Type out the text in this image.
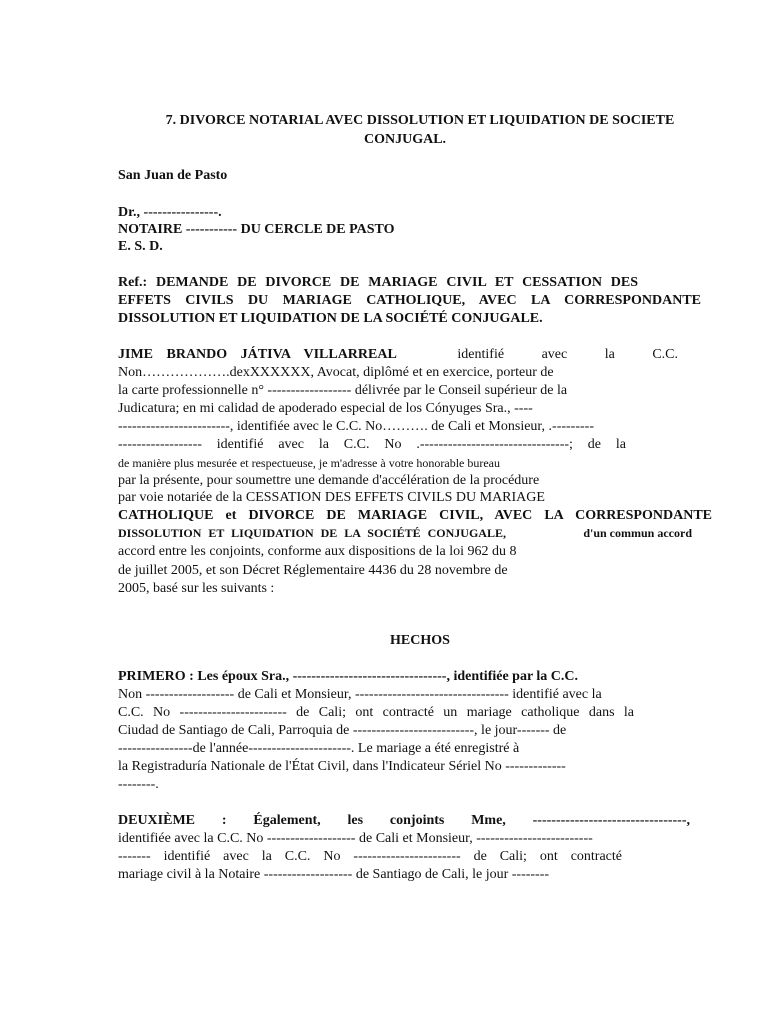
7. DIVORCE NOTARIAL AVEC DISSOLUTION ET LIQUIDATION DE SOCIETE
CONJUGAL.
San Juan de Pasto
Dr., ----------------.
NOTAIRE ----------- DU CERCLE DE PASTO
E. S. D.
Ref.: DEMANDE DE DIVORCE DE MARIAGE CIVIL ET CESSATION DES
EFFETS CIVILS DU MARIAGE CATHOLIQUE, AVEC LA CORRESPONDANTE
DISSOLUTION ET LIQUIDATION DE LA SOCIÉTÉ CONJUGALE.
JIME BRANDO JÁTIVA VILLARREAL	identifié avec la C.C.
Non……………….dexXXXXXX, Avocat, diplômé et en exercice, porteur de
la carte professionnelle n° ------------------ délivrée par le Conseil supérieur de la
Judicatura; en mi calidad de apoderado especial de los Cónyuges Sra., ----
------------------------, identifiée avec le C.C. No………. de Cali et Monsieur, .---------
------------------ identifié avec la C.C. No .--------------------------------; de la
de manière plus mesurée et respectueuse, je m'adresse à votre honorable bureau
par la présente, pour soumettre une demande d'accélération de la procédure
par voie notariée de la CESSATION DES EFFETS CIVILS DU MARIAGE
CATHOLIQUE et DIVORCE DE MARIAGE CIVIL, AVEC LA CORRESPONDANTE
DISSOLUTION ET LIQUIDATION DE LA SOCIÉTÉ CONJUGALE,	d'un commun accord
accord entre les conjoints, conforme aux dispositions de la loi 962 du 8
de juillet 2005, et son Décret Réglementaire 4436 du 28 novembre de
2005, basé sur les suivants :
HECHOS
PRIMERO : Les époux Sra., ---------------------------------, identifiée par la C.C.
Non ------------------- de Cali et Monsieur, --------------------------------- identifié avec la
C.C. No ----------------------- de Cali; ont contracté un mariage catholique dans la
Ciudad de Santiago de Cali, Parroquia de --------------------------, le jour------- de
----------------de l'année----------------------. Le mariage a été enregistré à
la Registraduría Nationale de l'État Civil, dans l'Indicateur Sériel No -------------
--------.
DEUXIÈME : Également, les conjoints Mme, ---------------------------------,
identifiée avec la C.C. No ------------------- de Cali et Monsieur, -------------------------
------- identifié avec la C.C. No ----------------------- de Cali; ont contracté
mariage civil à la Notaire ------------------- de Santiago de Cali, le jour --------
